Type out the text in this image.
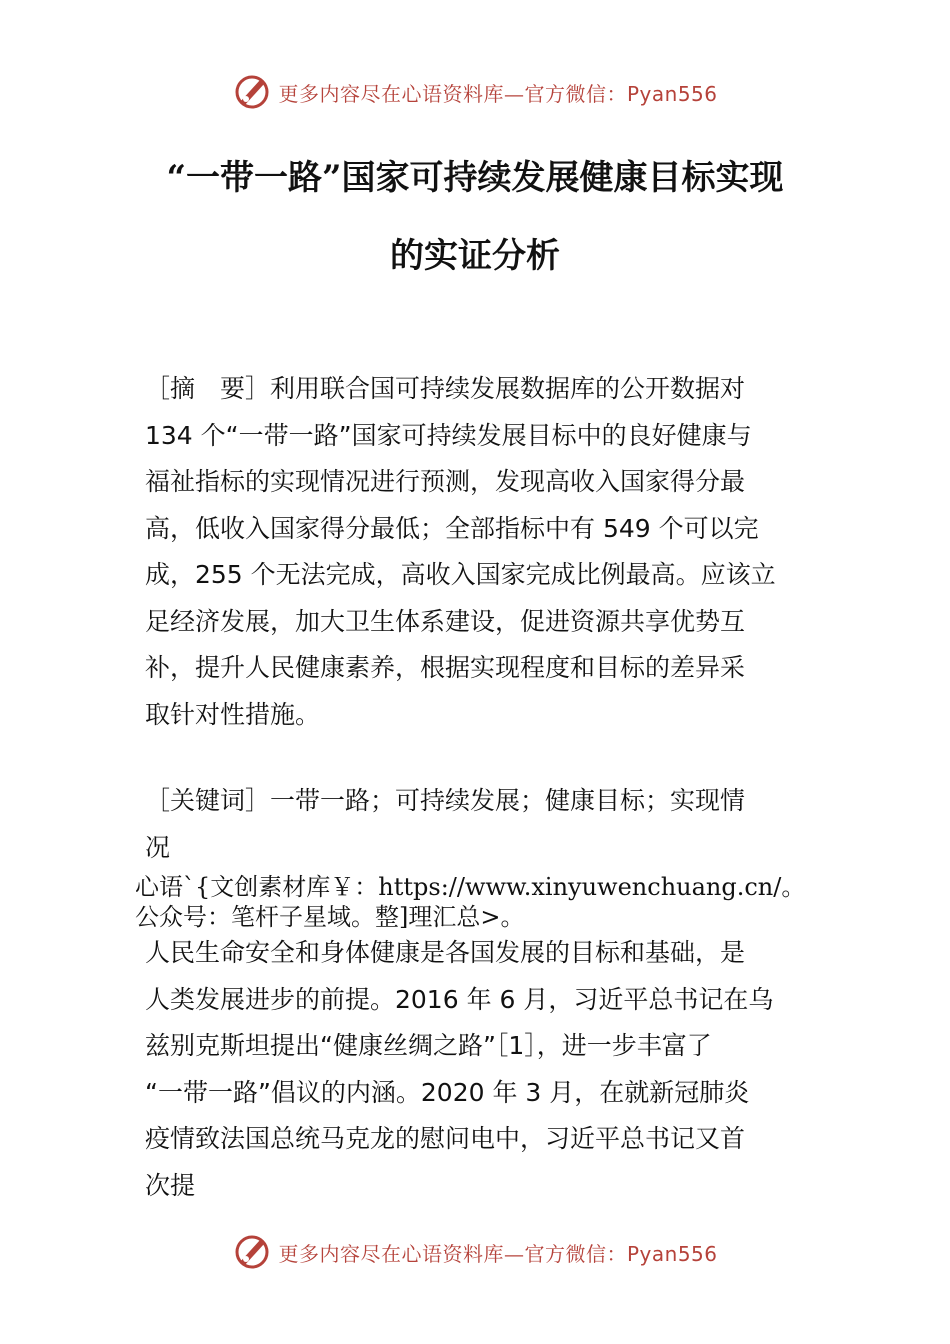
更多内容尽在心语资料库—官方微信：Pyan556
“一带一路”国家可持续发展健康目标实现
的实证分析
［摘　要］利用联合国可持续发展数据库的公开数据对
134 个“一带一路”国家可持续发展目标中的良好健康与
福祉指标的实现情况进行预测，发现高收入国家得分最
高，低收入国家得分最低；全部指标中有 549 个可以完
成，255 个无法完成，高收入国家完成比例最高。应该立
足经济发展，加大卫生体系建设，促进资源共享优势互
补，提升人民健康素养，根据实现程度和目标的差异采
取针对性措施。
［关键词］一带一路；可持续发展；健康目标；实现情
况
心语`{文创素材库￥：https://www.xinyuwenchuang.cn/。
公众号：笔杆子星域。整]理汇总>。
人民生命安全和身体健康是各国发展的目标和基础，是
人类发展进步的前提。2016 年 6 月，习近平总书记在乌
兹别克斯坦提出“健康丝绸之路”［1］，进一步丰富了
“一带一路”倡议的内涵。2020 年 3 月，在就新冠肺炎
疫情致法国总统马克龙的慰问电中，习近平总书记又首
次提
更多内容尽在心语资料库—官方微信：Pyan556
